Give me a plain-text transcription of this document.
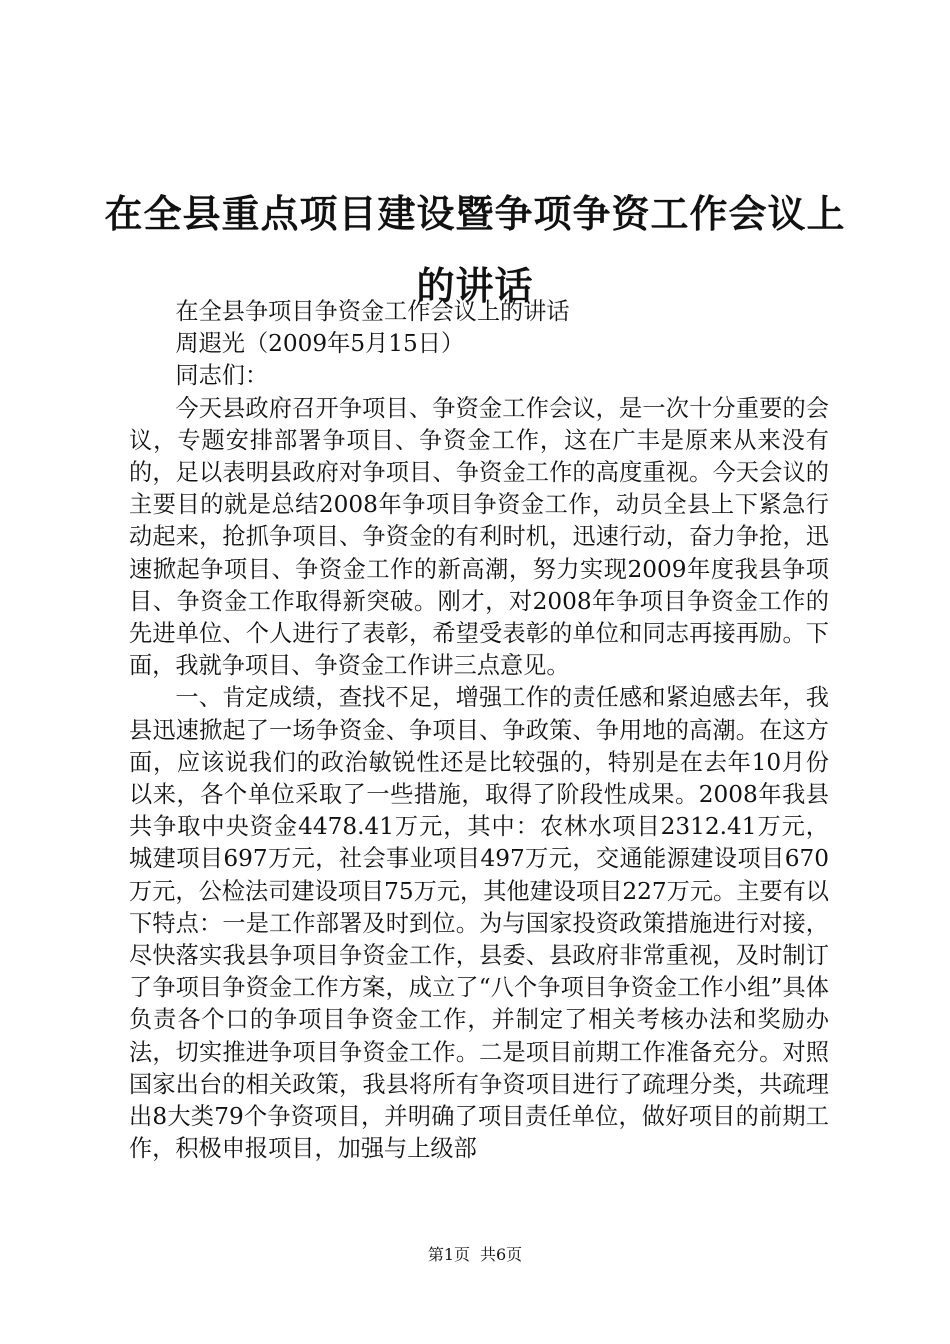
在全县重点项目建设暨争项争资工作会议上的讲话

在全县争项目争资金工作会议上的讲话

周遐光（2009年5月15日）

同志们：

今天县政府召开争项目、争资金工作会议，是一次十分重要的会议，专题安排部署争项目、争资金工作，这在广丰是原来从来没有的，足以表明县政府对争项目、争资金工作的高度重视。今天会议的主要目的就是总结2008年争项目争资金工作，动员全县上下紧急行动起来，抢抓争项目、争资金的有利时机，迅速行动，奋力争抢，迅速掀起争项目、争资金工作的新高潮，努力实现2009年度我县争项目、争资金工作取得新突破。刚才，对2008年争项目争资金工作的先进单位、个人进行了表彰，希望受表彰的单位和同志再接再励。下面，我就争项目、争资金工作讲三点意见。

一、肯定成绩，查找不足，增强工作的责任感和紧迫感去年，我县迅速掀起了一场争资金、争项目、争政策、争用地的高潮。在这方面，应该说我们的政治敏锐性还是比较强的，特别是在去年10月份以来，各个单位采取了一些措施，取得了阶段性成果。2008年我县共争取中央资金4478.41万元，其中：农林水项目2312.41万元，城建项目697万元，社会事业项目497万元，交通能源建设项目670万元，公检法司建设项目75万元，其他建设项目227万元。主要有以下特点：一是工作部署及时到位。为与国家投资政策措施进行对接，尽快落实我县争项目争资金工作，县委、县政府非常重视，及时制订了争项目争资金工作方案，成立了“八个争项目争资金工作小组”具体负责各个口的争项目争资金工作，并制定了相关考核办法和奖励办法，切实推进争项目争资金工作。二是项目前期工作准备充分。对照国家出台的相关政策，我县将所有争资项目进行了疏理分类，共疏理出8大类79个争资项目，并明确了项目责任单位，做好项目的前期工作，积极申报项目，加强与上级部

第1页 共6页
